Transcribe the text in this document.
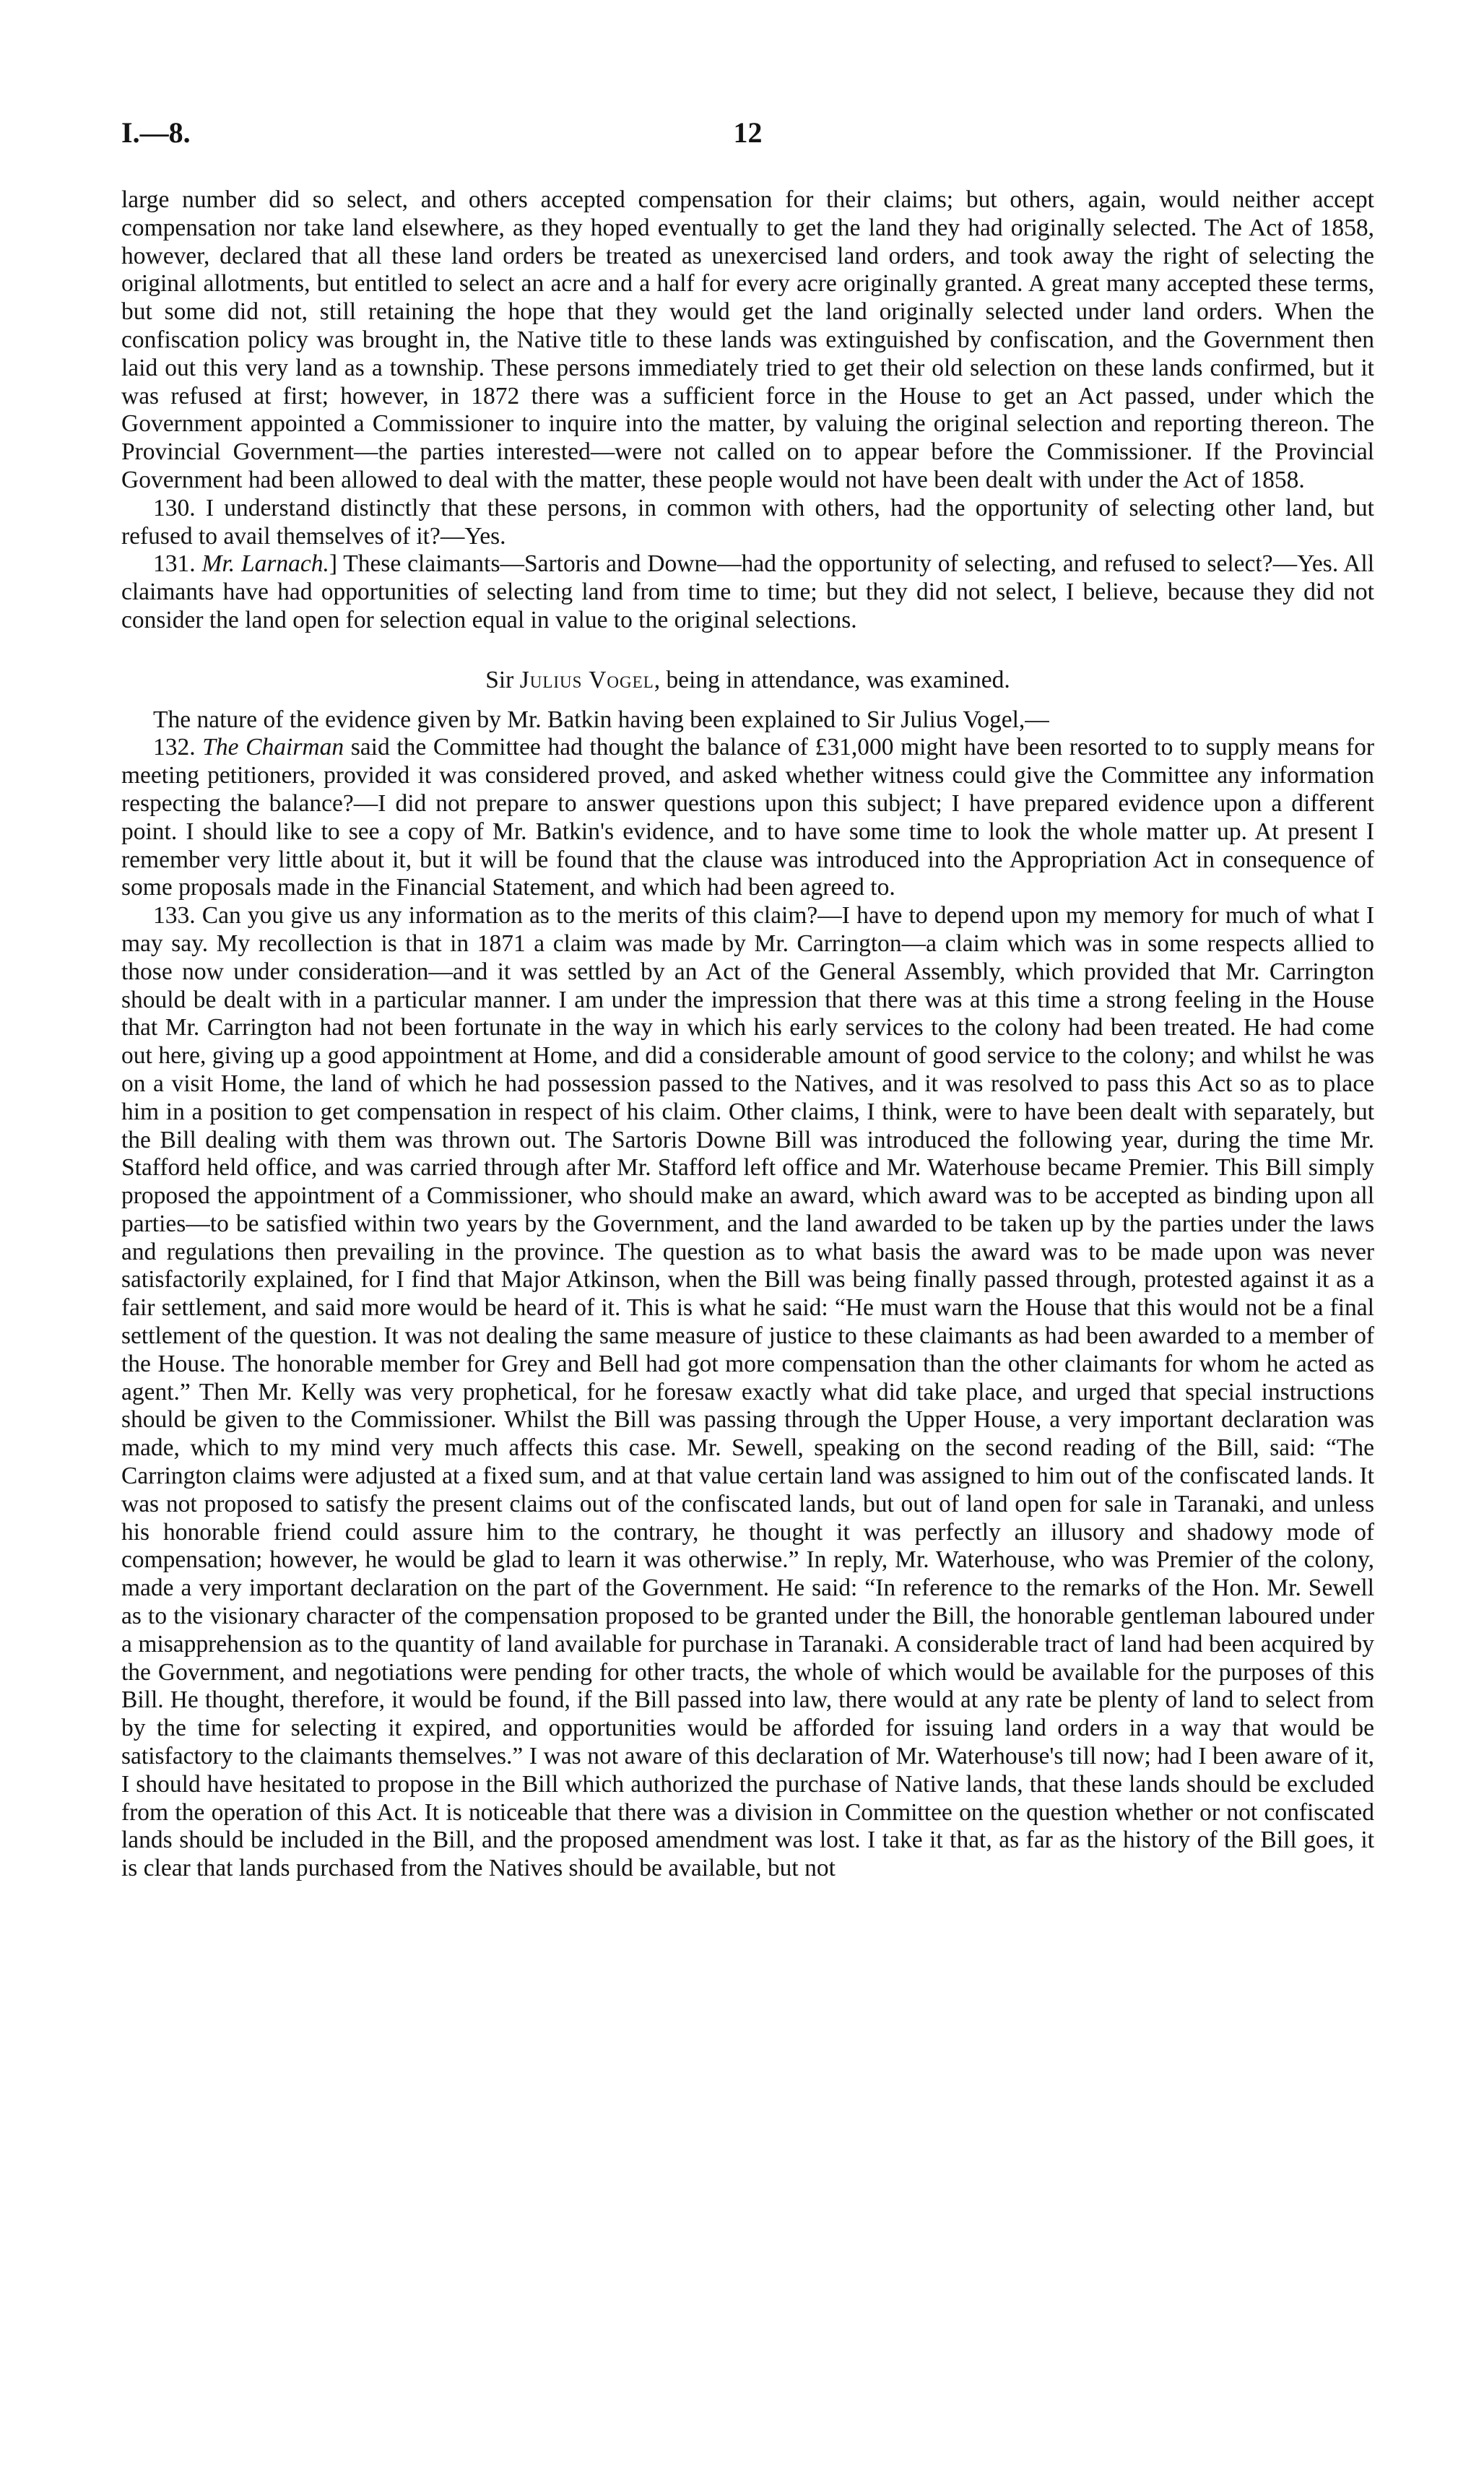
I.—8.	12

large number did so select, and others accepted compensation for their claims; but others, again, would neither accept compensation nor take land elsewhere, as they hoped eventually to get the land they had originally selected. The Act of 1858, however, declared that all these land orders be treated as unexercised land orders, and took away the right of selecting the original allotments, but entitled to select an acre and a half for every acre originally granted. A great many accepted these terms, but some did not, still retaining the hope that they would get the land originally selected under land orders. When the confiscation policy was brought in, the Native title to these lands was extinguished by confiscation, and the Government then laid out this very land as a township. These persons immediately tried to get their old selection on these lands confirmed, but it was refused at first; however, in 1872 there was a sufficient force in the House to get an Act passed, under which the Government appointed a Commissioner to inquire into the matter, by valuing the original selection and reporting thereon. The Provincial Government—the parties interested—were not called on to appear before the Commissioner. If the Provincial Government had been allowed to deal with the matter, these people would not have been dealt with under the Act of 1858.

130. I understand distinctly that these persons, in common with others, had the opportunity of selecting other land, but refused to avail themselves of it?—Yes.

131. Mr. Larnach.] These claimants—Sartoris and Downe—had the opportunity of selecting, and refused to select?—Yes. All claimants have had opportunities of selecting land from time to time; but they did not select, I believe, because they did not consider the land open for selection equal in value to the original selections.

Sir Julius Vogel, being in attendance, was examined.

The nature of the evidence given by Mr. Batkin having been explained to Sir Julius Vogel,—

132. The Chairman said the Committee had thought the balance of £31,000 might have been resorted to to supply means for meeting petitioners, provided it was considered proved, and asked whether witness could give the Committee any information respecting the balance?—I did not prepare to answer questions upon this subject; I have prepared evidence upon a different point. I should like to see a copy of Mr. Batkin's evidence, and to have some time to look the whole matter up. At present I remember very little about it, but it will be found that the clause was introduced into the Appropriation Act in consequence of some proposals made in the Financial Statement, and which had been agreed to.

133. Can you give us any information as to the merits of this claim?—I have to depend upon my memory for much of what I may say. My recollection is that in 1871 a claim was made by Mr. Carrington—a claim which was in some respects allied to those now under consideration—and it was settled by an Act of the General Assembly, which provided that Mr. Carrington should be dealt with in a particular manner. I am under the impression that there was at this time a strong feeling in the House that Mr. Carrington had not been fortunate in the way in which his early services to the colony had been treated. He had come out here, giving up a good appointment at Home, and did a considerable amount of good service to the colony; and whilst he was on a visit Home, the land of which he had possession passed to the Natives, and it was resolved to pass this Act so as to place him in a position to get compensation in respect of his claim. Other claims, I think, were to have been dealt with separately, but the Bill dealing with them was thrown out. The Sartoris Downe Bill was introduced the following year, during the time Mr. Stafford held office, and was carried through after Mr. Stafford left office and Mr. Waterhouse became Premier. This Bill simply proposed the appointment of a Commissioner, who should make an award, which award was to be accepted as binding upon all parties—to be satisfied within two years by the Government, and the land awarded to be taken up by the parties under the laws and regulations then prevailing in the province. The question as to what basis the award was to be made upon was never satisfactorily explained, for I find that Major Atkinson, when the Bill was being finally passed through, protested against it as a fair settlement, and said more would be heard of it. This is what he said: “He must warn the House that this would not be a final settlement of the question. It was not dealing the same measure of justice to these claimants as had been awarded to a member of the House. The honorable member for Grey and Bell had got more compensation than the other claimants for whom he acted as agent.” Then Mr. Kelly was very prophetical, for he foresaw exactly what did take place, and urged that special instructions should be given to the Commissioner. Whilst the Bill was passing through the Upper House, a very important declaration was made, which to my mind very much affects this case. Mr. Sewell, speaking on the second reading of the Bill, said: “The Carrington claims were adjusted at a fixed sum, and at that value certain land was assigned to him out of the confiscated lands. It was not proposed to satisfy the present claims out of the confiscated lands, but out of land open for sale in Taranaki, and unless his honorable friend could assure him to the contrary, he thought it was perfectly an illusory and shadowy mode of compensation; however, he would be glad to learn it was otherwise.” In reply, Mr. Waterhouse, who was Premier of the colony, made a very important declaration on the part of the Government. He said: “In reference to the remarks of the Hon. Mr. Sewell as to the visionary character of the compensation proposed to be granted under the Bill, the honorable gentleman laboured under a misapprehension as to the quantity of land available for purchase in Taranaki. A considerable tract of land had been acquired by the Government, and negotiations were pending for other tracts, the whole of which would be available for the purposes of this Bill. He thought, therefore, it would be found, if the Bill passed into law, there would at any rate be plenty of land to select from by the time for selecting it expired, and opportunities would be afforded for issuing land orders in a way that would be satisfactory to the claimants themselves.” I was not aware of this declaration of Mr. Waterhouse's till now; had I been aware of it, I should have hesitated to propose in the Bill which authorized the purchase of Native lands, that these lands should be excluded from the operation of this Act. It is noticeable that there was a division in Committee on the question whether or not confiscated lands should be included in the Bill, and the proposed amendment was lost. I take it that, as far as the history of the Bill goes, it is clear that lands purchased from the Natives should be available, but not
